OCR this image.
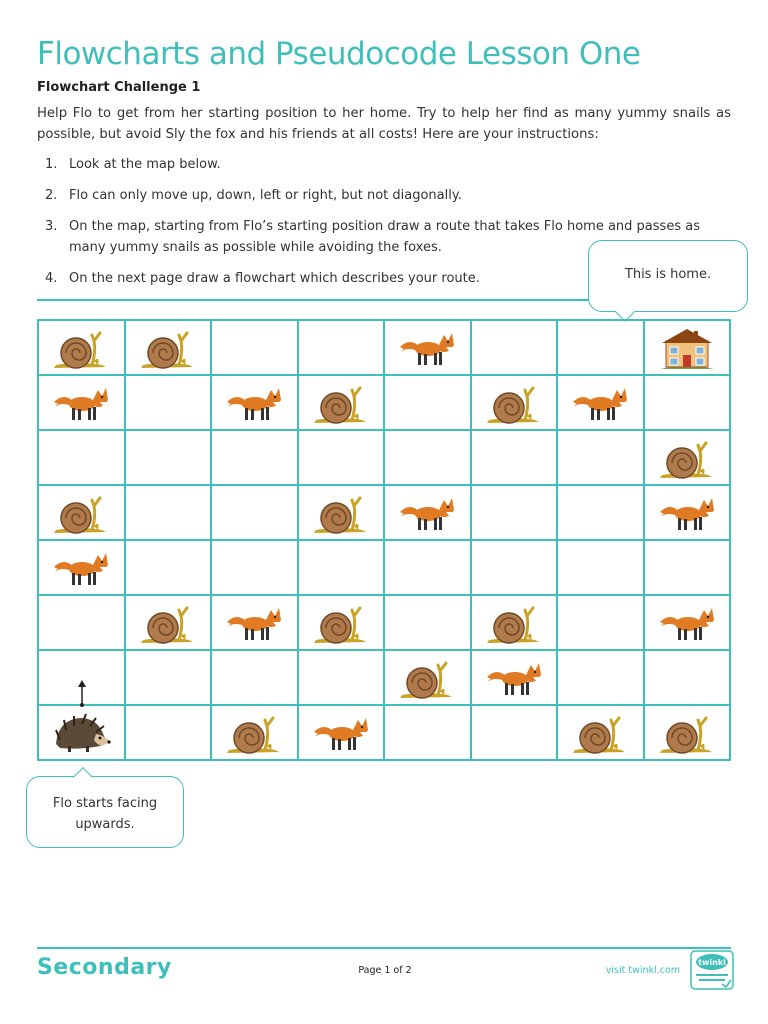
Flowcharts and Pseudocode Lesson One
Flowchart Challenge 1
Help Flo to get from her starting position to her home. Try to help her find as many yummy snails as possible, but avoid Sly the fox and his friends at all costs! Here are your instructions:
1. Look at the map below.
2. Flo can only move up, down, left or right, but not diagonally.
3. On the map, starting from Flo’s starting position draw a route that takes Flo home and passes as many yummy snails as possible while avoiding the foxes.
4. On the next page draw a flowchart which describes your route.	This is home.
Flo starts facing upwards.
Secondary	Page 1 of 2	visit twinkl.com
twinkl
